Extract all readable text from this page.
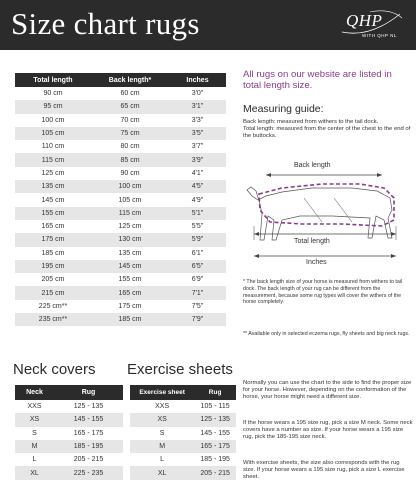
Size chart rugs	QHP
WITH QHP NL
Total length	Back length*	Inches
90 cm	60 cm	3'0"
95 cm	65 cm	3'1"
100 cm	70 cm	3'3"
105 cm	75 cm	3'5"
110 cm	80 cm	3'7"
115 cm	85 cm	3'9"
125 cm	90 cm	4'1"
135 cm	100 cm	4'5"
145 cm	105 cm	4'9"
155 cm	115 cm	5'1"
165 cm	125 cm	5'5"
175 cm	130 cm	5'9"
185 cm	135 cm	6'1"
195 cm	145 cm	6'5"
205 cm	155 cm	6'9"
215 cm	165 cm	7'1"
225 cm**	175 cm	7'5"
235 cm**	185 cm	7'9"
All rugs on our website are listed in total length size.
Measuring guide:
Back length: measured from withers to the tail dock.
Total length: measured from the center of the chest to the end of the buttocks.
Back length
Total length
Inches
* The back length size of your horse is measured from withers to tail dock. The back length of your rug can be different from the measurement, because some rug types will cover the withers of the horse completely.
** Available only in selected eczema rugs, fly sheets and big neck rugs.
Neck covers Exercise sheets
Neck	Rug
XXS	125 - 135
XS	145 - 155
S	165 - 175
M	185 - 195
L	205 - 215
XL	225 - 235
Exercise sheet	Rug
XXS	105 - 115
XS	125 - 135
S	145 - 155
M	165 - 175
L	185 - 195
XL	205 - 215
Normally you can use the chart to the side to find the proper size for your horse. However, depending on the conformation of the horse, your horse might need a different size.
If the horse wears a 195 size rug, pick a size M neck. Some neck covers have a number as size. If your horse wears a 195 size rug, pick the 185-195 size neck.
With exercise sheets, the size also corresponds with the rug size. If your horse wears a 195 size rug, pick a size L exercise sheet.
